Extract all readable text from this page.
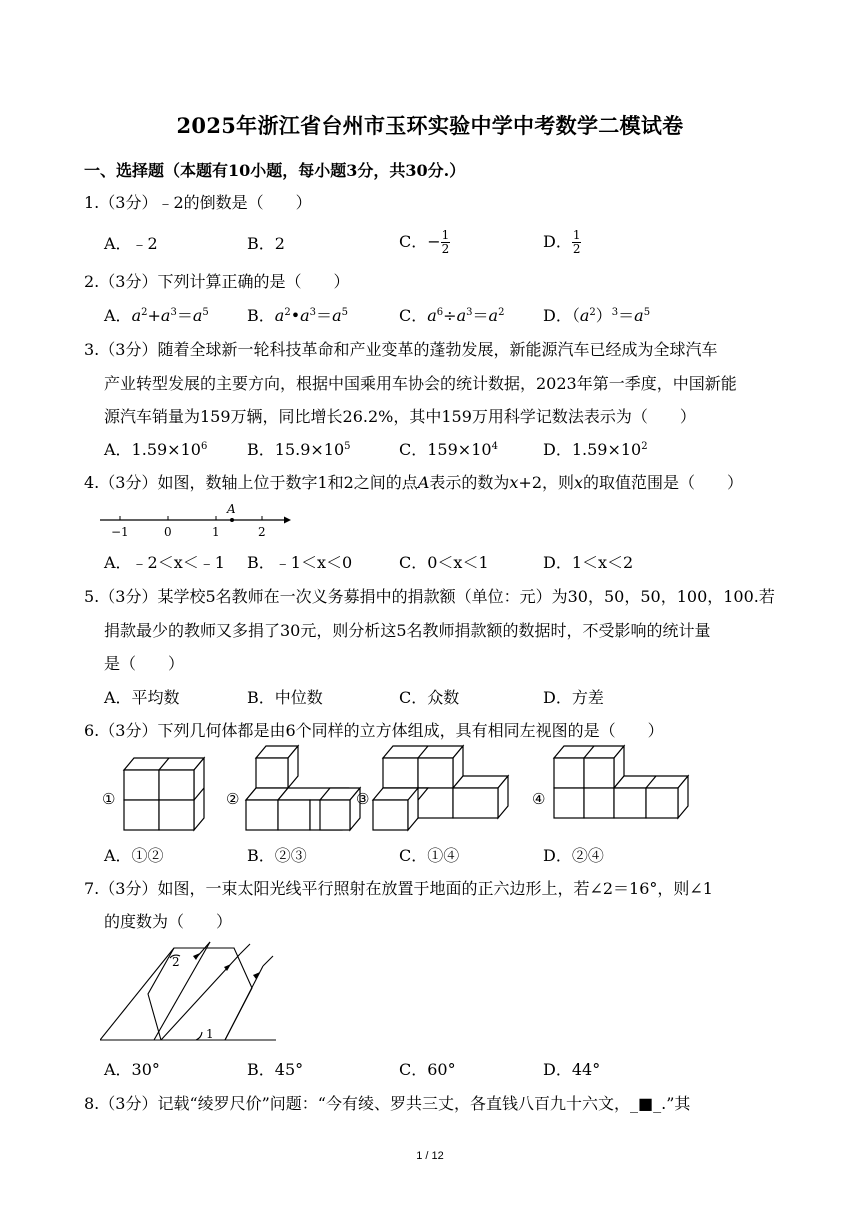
2025年浙江省台州市玉环实验中学中考数学二模试卷
一、选择题（本题有10小题，每小题3分，共30分.）
1.（3分）﹣2的倒数是（　　）
A．﹣2	B．2	C．− $\frac{1}{2}$	D． $\frac{1}{2}$
2.（3分）下列计算正确的是（　　）
A．$a^2+a^3=a^5$ B．$a^2•a^3=a^5$	C．$a^6\div a^3=a^2$ D．$(a^2)^3=a^5$
3.（3分）随着全球新一轮科技革命和产业变革的蓬勃发展，新能源汽车已经成为全球汽车
产业转型发展的主要方向，根据中国乘用车协会的统计数据，2023年第一季度，中国新能
源汽车销量为159万辆，同比增长26.2%，其中159万用科学记数法表示为（　　）
A．$1.59\times 10^6$ B．$15.9\times 10^5$	C．$159\times 10^4$	D．$1.59\times 10^2$
4.（3分）如图，数轴上位于数字1和2之间的点A表示的数为x+2，则x的取值范围是（　　）
A
−1	0	1	2
A．﹣2＜x＜﹣1 B．﹣1＜x＜0	C．0＜x＜1	D．1＜x＜2
5.（3分）某学校5名教师在一次义务募捐中的捐款额（单位：元）为30，50，50，100，100.若
捐款最少的教师又多捐了30元，则分析这5名教师捐款额的数据时，不受影响的统计量
是（　　）
A．平均数	B．中位数	C．众数	D．方差
6.（3分）下列几何体都是由6个同样的立方体组成，具有相同左视图的是（　　）
①	②	③	④
A．①②	B．②③	C．①④	D．②④
7.（3分）如图，一束太阳光线平行照射在放置于地面的正六边形上，若∠2＝16°，则∠1
的度数为（　　）
1
2
A．30°	B．45°	C．60°	D．44°
8.（3分）记载“绫罗尺价”问题：“今有绫、罗共三丈，各直钱八百九十六文，_■_.”其
1 / 12
